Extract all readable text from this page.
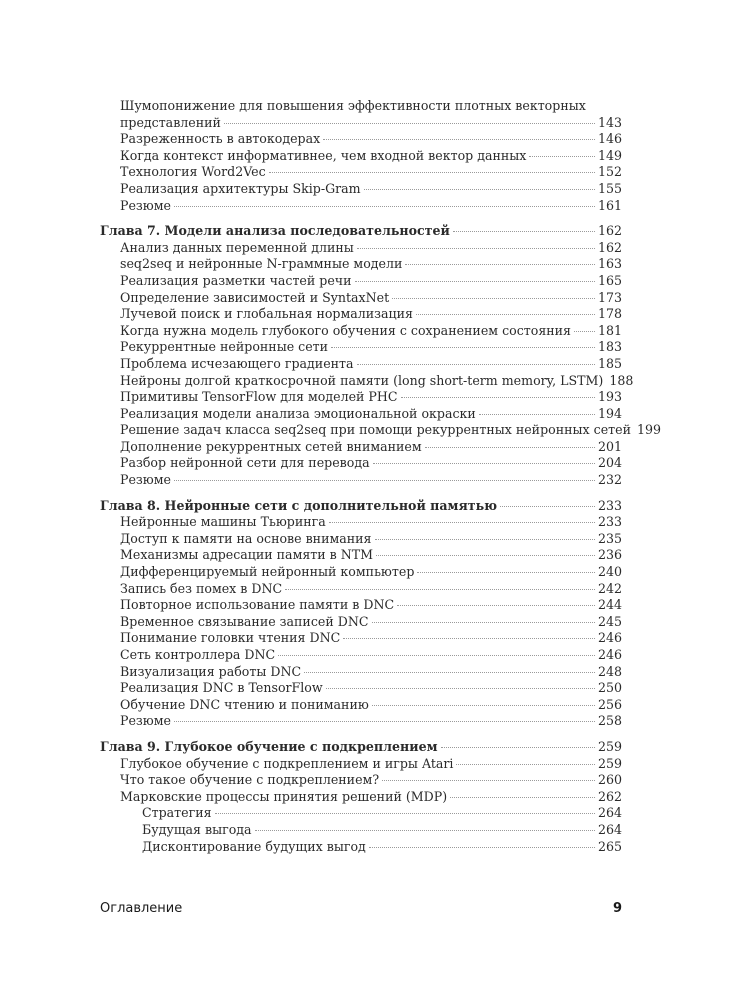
Шумопонижение для повышения эффективности плотных векторных
представлений	143
Разреженность в автокодерах	146
Когда контекст информативнее, чем входной вектор данных	149
Технология Word2Vec	152
Реализация архитектуры Skip-Gram	155
Резюме	161
Глава 7. Модели анализа последовательностей	162
Анализ данных переменной длины	162
seq2seq и нейронные N-граммные модели	163
Реализация разметки частей речи	165
Определение зависимостей и SyntaxNet	173
Лучевой поиск и глобальная нормализация	178
Когда нужна модель глубокого обучения с сохранением состояния 181
Рекуррентные нейронные сети	183
Проблема исчезающего градиента	185
Нейроны долгой краткосрочной памяти (long short-term memory, LSTM) 188
Примитивы TensorFlow для моделей РНС	193
Реализация модели анализа эмоциональной окраски	194
Решение задач класса seq2seq при помощи рекуррентных нейронных сетей 199
Дополнение рекуррентных сетей вниманием	201
Разбор нейронной сети для перевода	204
Резюме	232
Глава 8. Нейронные сети с дополнительной памятью	233
Нейронные машины Тьюринга	233
Доступ к памяти на основе внимания	235
Механизмы адресации памяти в NTM	236
Дифференцируемый нейронный компьютер	240
Запись без помех в DNC	242
Повторное использование памяти в DNC	244
Временное связывание записей DNC	245
Понимание головки чтения DNC	246
Сеть контроллера DNC	246
Визуализация работы DNC	248
Реализация DNC в TensorFlow	250
Обучение DNC чтению и пониманию	256
Резюме	258
Глава 9. Глубокое обучение с подкреплением	259
Глубокое обучение с подкреплением и игры Atari	259
Что такое обучение с подкреплением?	260
Марковские процессы принятия решений (MDP)	262
Стратегия	264
Будущая выгода	264
Дисконтирование будущих выгод	265
Оглавление	9
